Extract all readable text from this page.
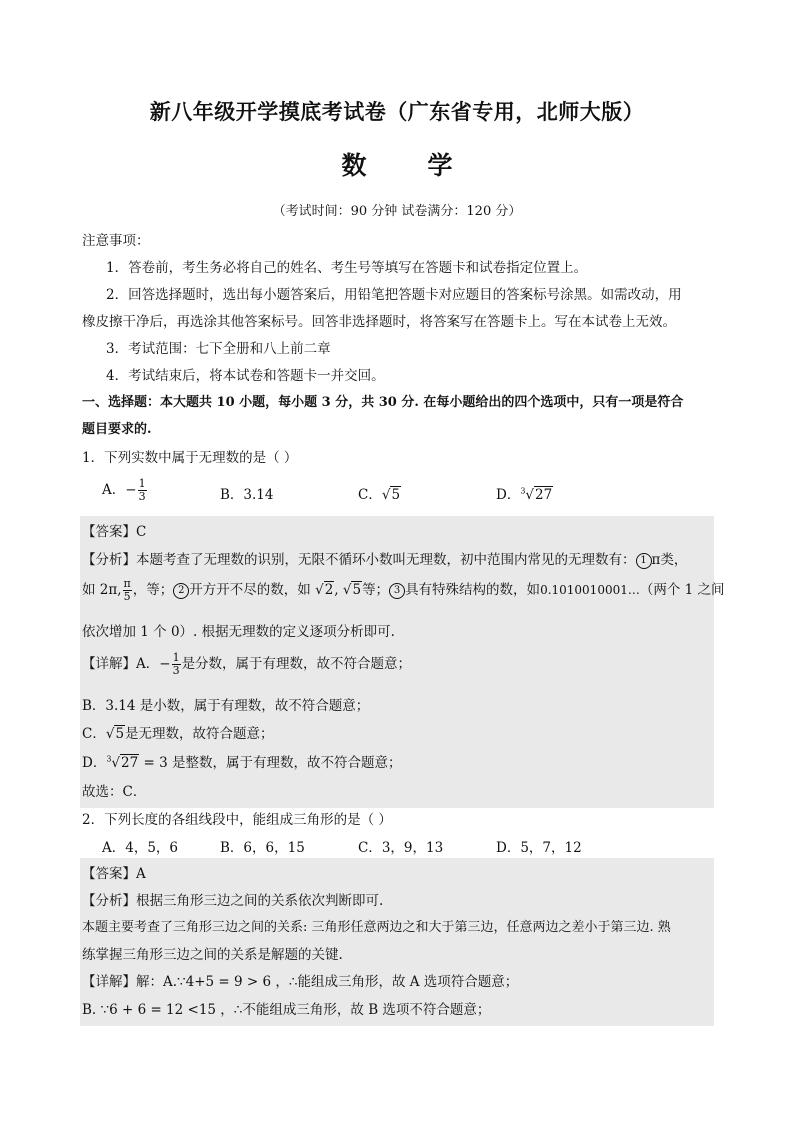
新八年级开学摸底考试卷（广东省专用，北师大版）
数 学
（考试时间：90 分钟 试卷满分：120 分）
注意事项：
1．答卷前，考生务必将自己的姓名、考生号等填写在答题卡和试卷指定位置上。
2．回答选择题时，选出每小题答案后，用铅笔把答题卡对应题目的答案标号涂黑。如需改动，用
橡皮擦干净后，再选涂其他答案标号。回答非选择题时，将答案写在答题卡上。写在本试卷上无效。
3．考试范围：七下全册和八上前二章
4．考试结束后，将本试卷和答题卡一并交回。
一、选择题：本大题共 10 小题，每小题 3 分，共 30 分. 在每小题给出的四个选项中，只有一项是符合
题目要求的.
1．下列实数中属于无理数的是（ ）
A．− $\frac{1}{3}$	B．3.14	C．√5	D．$^3$√27
【答案】C
【分析】本题考查了无理数的识别，无限不循环小数叫无理数，初中范围内常见的无理数有： 1 π类，
如 2π, $\frac{\pi}{5}$ ，等； 2 开方开不尽的数，如 √2, √5等； 3 具有特殊结构的数，如0.1010010001…（两个 1 之间
依次增加 1 个 0）. 根据无理数的定义逐项分析即可.
【详解】A．− $\frac{1}{3}$ 是分数，属于有理数，故不符合题意；
B．3.14 是小数，属于有理数，故不符合题意；
C．√5是无理数，故符合题意；
D．$^3$√27 = 3 是整数，属于有理数，故不符合题意；
故选：C．
2．下列长度的各组线段中，能组成三角形的是（ ）
A．4，5，6	B．6，6，15	C．3，9，13	D．5，7，12
【答案】A
【分析】根据三角形三边之间的关系依次判断即可.
本题主要考查了三角形三边之间的关系: 三角形任意两边之和大于第三边，任意两边之差小于第三边. 熟
练掌握三角形三边之间的关系是解题的关键.
【详解】解：A.∵4+5 = 9 > 6 ，∴能组成三角形，故 A 选项符合题意；
B. ∵6 + 6 = 12 <15 ，∴不能组成三角形，故 B 选项不符合题意；
